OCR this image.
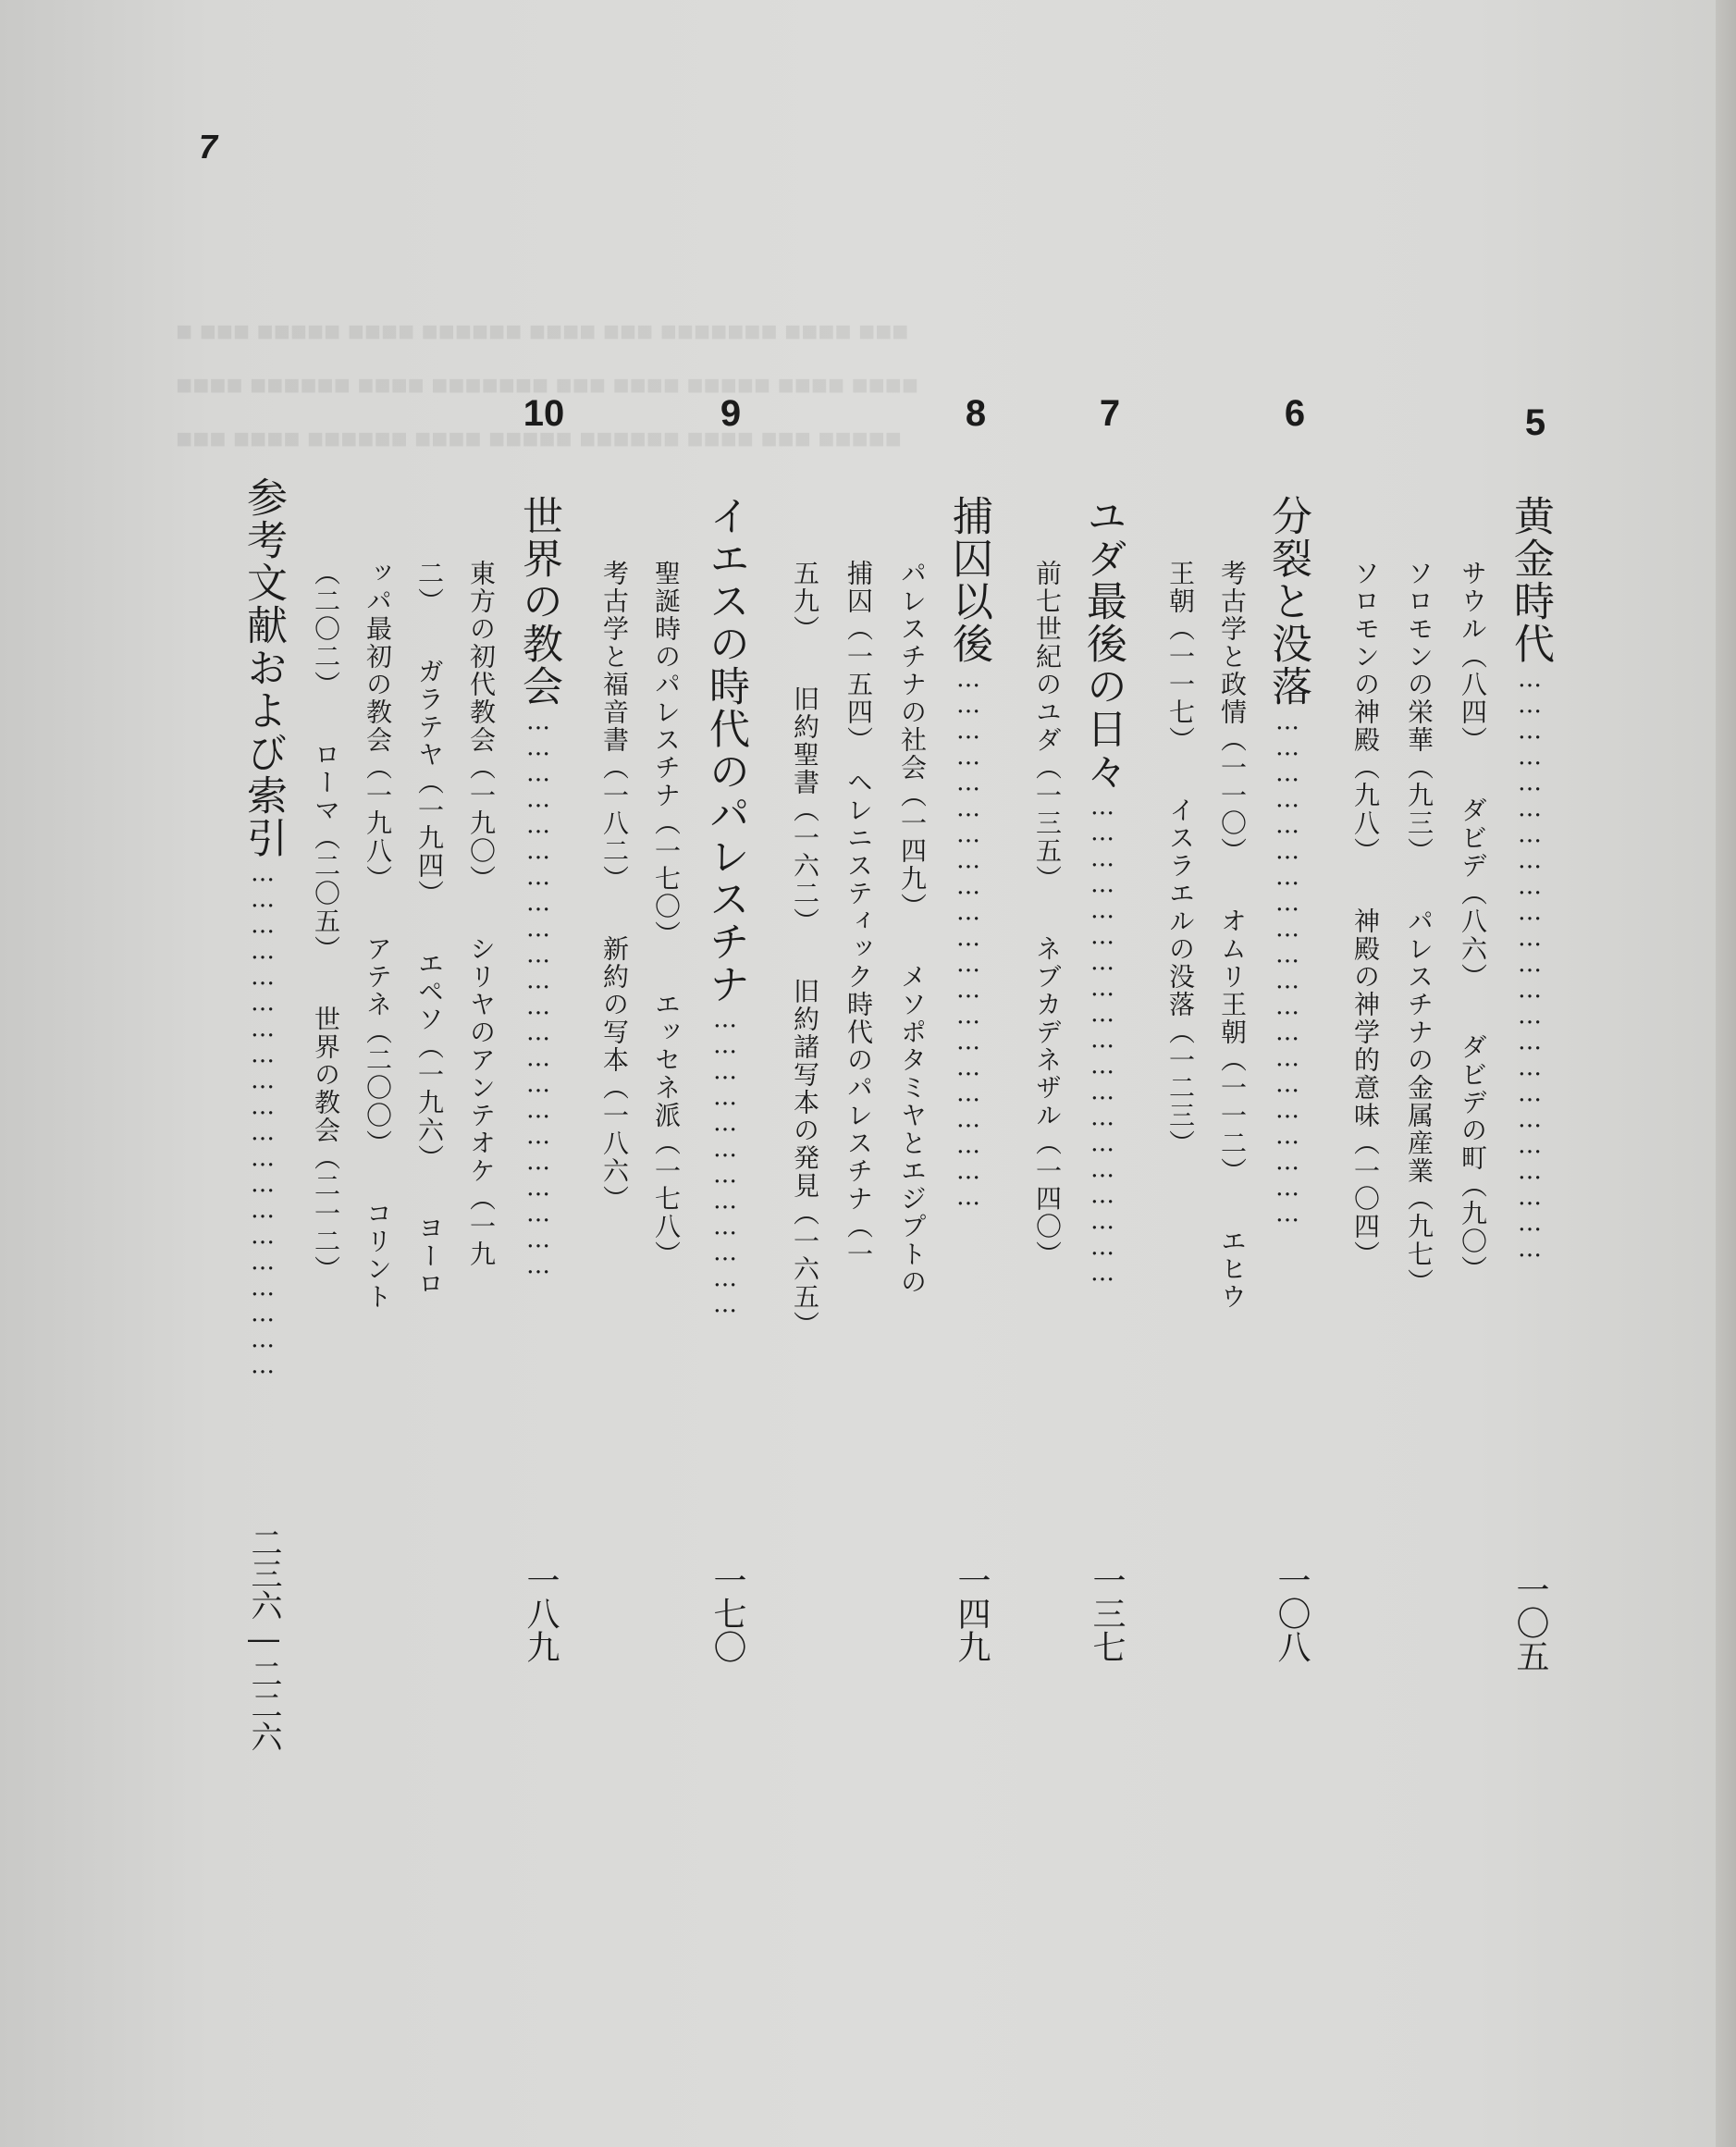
■ ■■■ ■■■■■ ■■■■ ■■■■■■ ■■■■ ■■■ ■■■■■■■ ■■■■ ■■■
■■■■ ■■■■■■ ■■■■ ■■■■■■■ ■■■ ■■■■ ■■■■■ ■■■■ ■■■■
■■■ ■■■■ ■■■■■■ ■■■■ ■■■■■ ■■■■■■ ■■■■ ■■■ ■■■■■
7
5
黄金時代……………………………………………………………
一〇五
サウル（八四）　　ダビデ（八六）　　ダビデの町（九〇）
ソロモンの栄華（九三）　　パレスチナの金属産業（九七）
ソロモンの神殿（九八）　　神殿の神学的意味（一〇四）
6
分裂と没落……………………………………………………
一〇八
考古学と政情（一一〇）　　オムリ王朝（一一二）　　エヒウ
王朝（一一七）　　イスラエルの没落（一二三）
7
ユダ最後の日々…………………………………………………
一三七
前七世紀のユダ（一三五）　　ネブカデネザル（一四〇）
8
捕囚以後………………………………………………………
一四九
パレスチナの社会（一四九）　　メソポタミヤとエジプトの
捕囚（一五四）　ヘレニスティック時代のパレスチナ（一
五九）　　旧約聖書（一六二）　　旧約諸写本の発見（一六五）
9
イエスの時代のパレスチナ………………………………
一七〇
聖誕時のパレスチナ（一七〇）　　エッセネ派（一七八）
考古学と福音書（一八二）　　新約の写本（一八六）
10
世界の教会…………………………………………………………
一八九
東方の初代教会（一九〇）　　シリヤのアンテオケ（一九
二）　　ガラテヤ（一九四）　　エペソ（一九六）　　ヨーロ
ッパ最初の教会（一九八）　　アテネ（二〇〇）　　コリント
（二〇二）　　ローマ（二〇五）　　世界の教会（二一二）
参考文献および索引……………………………………………………
二三六―二二六
